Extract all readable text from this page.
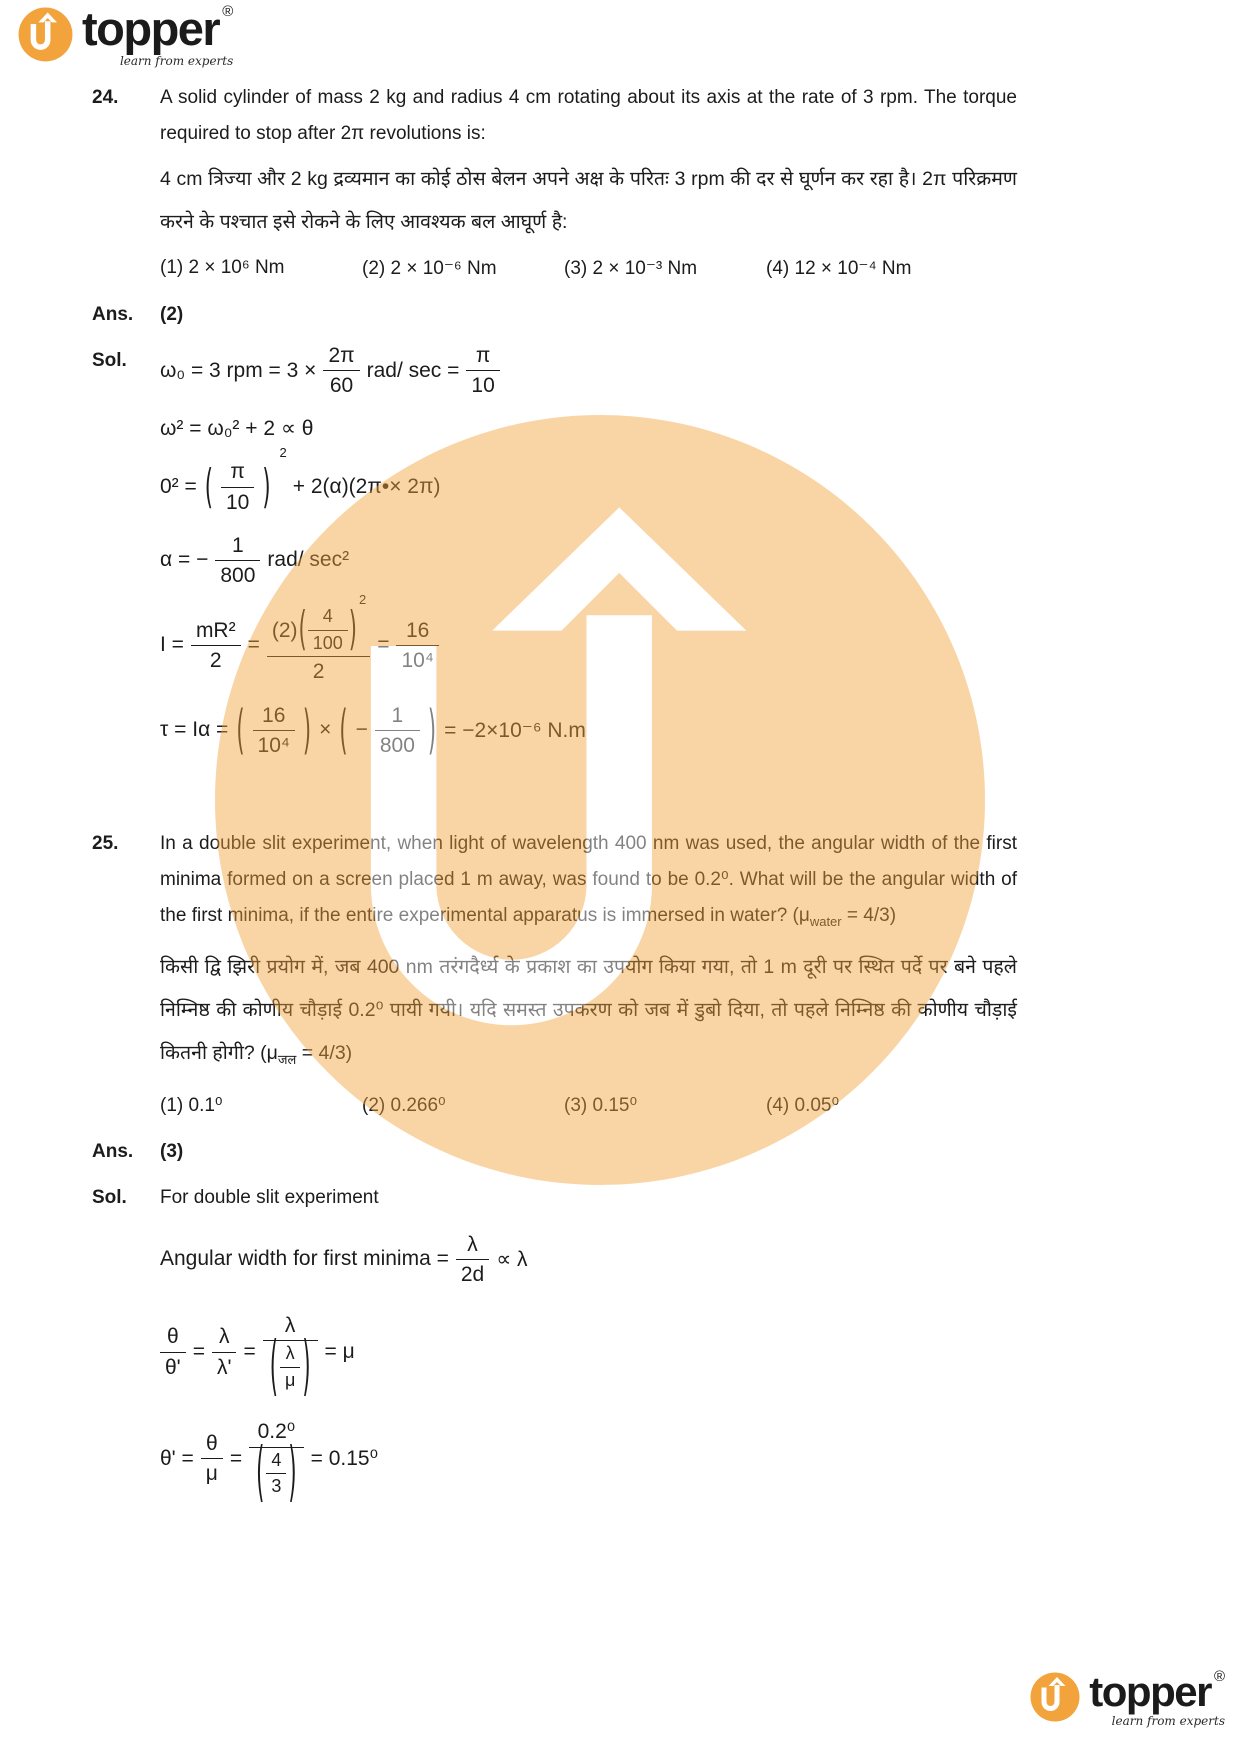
topper ®
learn from experts
24.	A solid cylinder of mass 2 kg and radius 4 cm rotating about its axis at the rate of 3 rpm. The torque required to stop after 2π revolutions is:

4 cm त्रिज्या और 2 kg द्रव्यमान का कोई ठोस बेलन अपने अक्ष के परितः 3 rpm की दर से घूर्णन कर रहा है। 2π परिक्रमण करने के पश्चात इसे रोकने के लिए आवश्यक बल आघूर्ण है:

(1) 2 × 10⁶ Nm	(2) 2 × 10⁻⁶ Nm	(3) 2 × 10⁻³ Nm	(4) 12 × 10⁻⁴ Nm
Ans.	(2)
Sol.	ω₀ = 3 rpm = $3 \times \frac{2\pi}{60} rad/$ $\sec = \frac{\pi}{10}$
ω² = ω₀² + 2 ∝ θ
0² = ( π
10 )
2
+ 2(α)(2π•× 2π)
α = − $\frac{1}{800} rad/$ sec²
$I = \frac{\text{mR²}}{2}$ =
(2) ( 4
100 )
2
2
= $\frac{16}{\text{10⁴}}$
τ = Iα = ( 16
10⁴ ) × ( − $\frac{1}{800}$ ) = −2×10⁻⁶ N.m
25.	In a double slit experiment, when light of wavelength 400 nm was used, the angular width of the first minima formed on a screen placed 1 m away, was found to be 0.2⁰. What will be the angular width of the first minima, if the entire experimental apparatus is immersed in water? $(\mu_{water} = 4/3)$

किसी द्वि झिरी प्रयोग में, जब 400 nm तरंगदैर्ध्य के प्रकाश का उपयोग किया गया, तो 1 m दूरी पर स्थित पर्दे पर बने पहले निम्निष्ठ की कोणीय चौड़ाई 0.2⁰ पायी गयी। यदि समस्त उपकरण को जब में डुबो दिया, तो पहले निम्निष्ठ की कोणीय चौड़ाई कितनी होगी? $(\mu_{जल} = 4/3)$

(1) 0.1⁰	(2) 0.266⁰	(3) 0.15⁰	(4) 0.05⁰
Ans.	(3)
Sol.	For double slit experiment

Angular width for first minima = $\frac{\lambda}{2d} \propto \lambda$
$\frac{\theta}{\theta'} = \frac{\lambda}{\lambda'} = \lambda$
( λ
μ ) = μ
$\theta' = \frac{\theta}{\mu} = 0.2^0$
( 4
3 ) = 0.15⁰
topper ®
learn from experts
